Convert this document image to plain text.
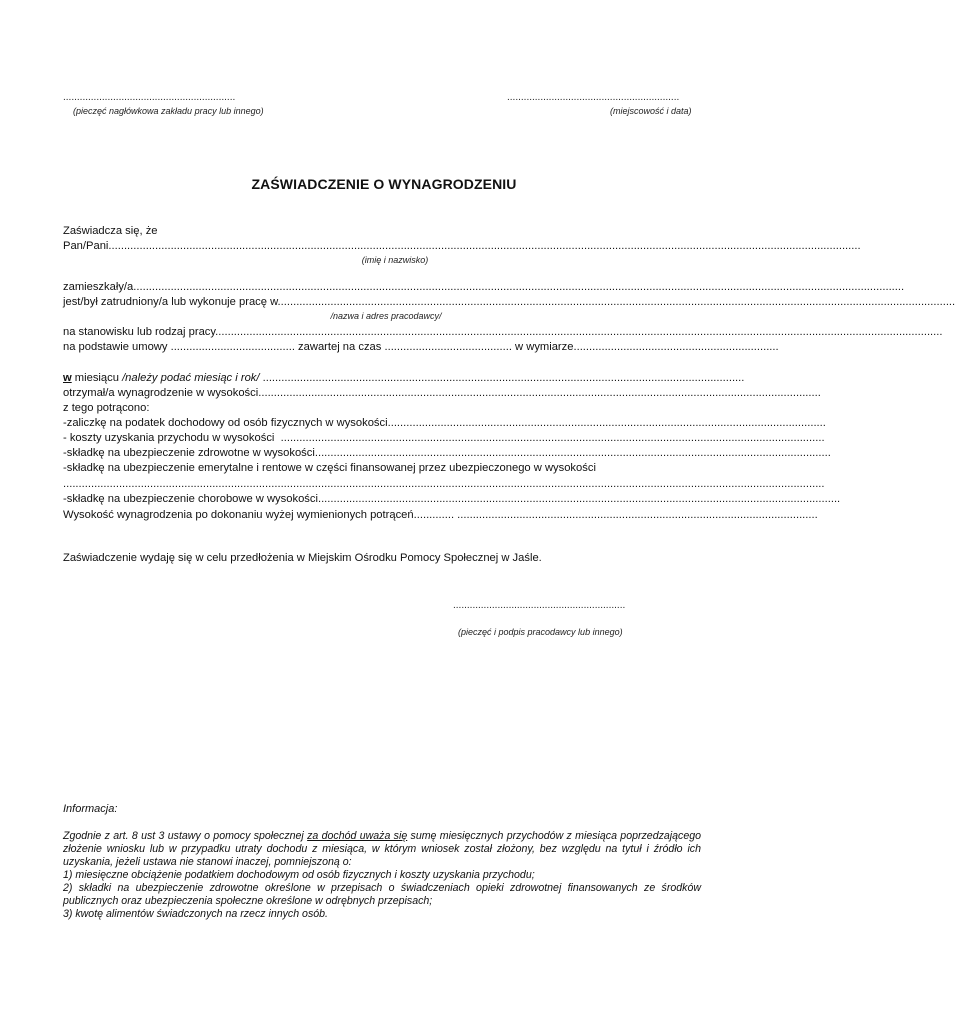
..............................................................
(pieczęć nagłówkowa zakładu pracy lub innego)
..............................................................
(miejscowość i data)
ZAŚWIADCZENIE O WYNAGRODZENIU
Zaświadcza się, że
Pan/Pani..................................................................................................................................................................................................................................................
(imię i nazwisko)
zamieszkały/a........................................................................................................................................................................................................................................................
jest/był zatrudniony/a lub wykonuje pracę w..........................................................................................................................................................................................................................
/nazwa i adres pracodawcy/
na stanowisku lub rodzaj pracy..........................................................................................................................................................................................................................................
na podstawie umowy ........................................ zawartej na czas ......................................... w wymiarze..................................................................
w miesiącu /należy podać miesiąc i rok/ ...........................................................................................................................................................
otrzymał/a wynagrodzenie w wysokości.....................................................................................................................................................................................
z tego potrącono:
-zaliczkę na podatek dochodowy od osób fizycznych w wysokości.............................................................................................................................................
- koszty uzyskania przychodu w wysokości  ...............................................................................................................................................................................
-składkę na ubezpieczenie zdrowotne w wysokości......................................................................................................................................................................
-składkę na ubezpieczenie emerytalne i rentowe w części finansowanej przez ubezpieczonego w wysokości
.....................................................................................................................................................................................................................................................
-składkę na ubezpieczenie chorobowe w wysokości........................................................................................................................................................................
Wysokość wynagrodzenia po dokonaniu wyżej wymienionych potrąceń............. ....................................................................................................................
Zaświadczenie wydaję się w celu przedłożenia w Miejskim Ośrodku Pomocy Społecznej w Jaśle.
..............................................................
(pieczęć i podpis pracodawcy lub innego)
Informacja:

Zgodnie z art. 8 ust 3 ustawy o pomocy społecznej za dochód uważa się sumę miesięcznych przychodów z miesiąca poprzedzającego złożenie wniosku lub w przypadku utraty dochodu z miesiąca, w którym wniosek został złożony, bez względu na tytuł i źródło ich uzyskania, jeżeli ustawa nie stanowi inaczej, pomniejszoną o:

1) miesięczne obciążenie podatkiem dochodowym od osób fizycznych i koszty uzyskania przychodu;

2) składki na ubezpieczenie zdrowotne określone w przepisach o świadczeniach opieki zdrowotnej finansowanych ze środków publicznych oraz ubezpieczenia społeczne określone w odrębnych przepisach;

3) kwotę alimentów świadczonych na rzecz innych osób.
